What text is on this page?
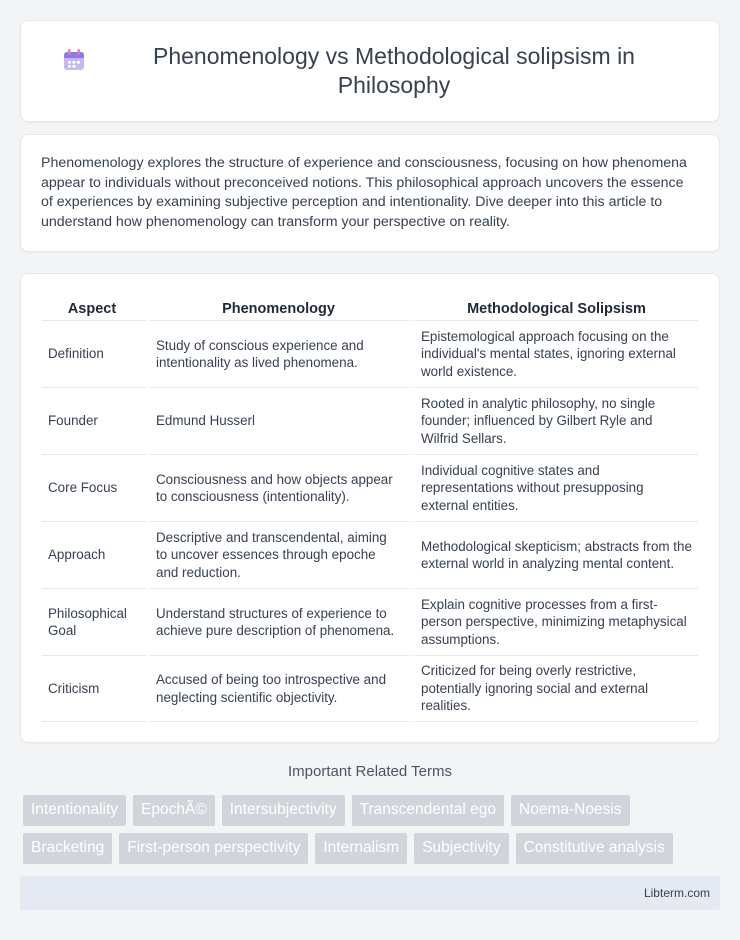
Phenomenology vs Methodological solipsism in Philosophy

Phenomenology explores the structure of experience and consciousness, focusing on how phenomena appear to individuals without preconceived notions. This philosophical approach uncovers the essence of experiences by examining subjective perception and intentionality. Dive deeper into this article to understand how phenomenology can transform your perspective on reality.

Aspect	Phenomenology	Methodological Solipsism
Definition	Study of conscious experience and intentionality as lived phenomena.	Epistemological approach focusing on the individual's mental states, ignoring external world existence.
Founder	Edmund Husserl	Rooted in analytic philosophy, no single founder; influenced by Gilbert Ryle and Wilfrid Sellars.
Core Focus	Consciousness and how objects appear to consciousness (intentionality).	Individual cognitive states and representations without presupposing external entities.
Approach	Descriptive and transcendental, aiming to uncover essences through epoche and reduction.	Methodological skepticism; abstracts from the external world in analyzing mental content.
Philosophical Goal	Understand structures of experience to achieve pure description of phenomena.	Explain cognitive processes from a first-person perspective, minimizing metaphysical assumptions.
Criticism	Accused of being too introspective and neglecting scientific objectivity.	Criticized for being overly restrictive, potentially ignoring social and external realities.
Important Related Terms
Intentionality	EpochÃ©	Intersubjectivity	Transcendental ego	Noema-Noesis
Bracketing	First-person perspectivity	Internalism	Subjectivity	Constitutive analysis
Libterm.com
